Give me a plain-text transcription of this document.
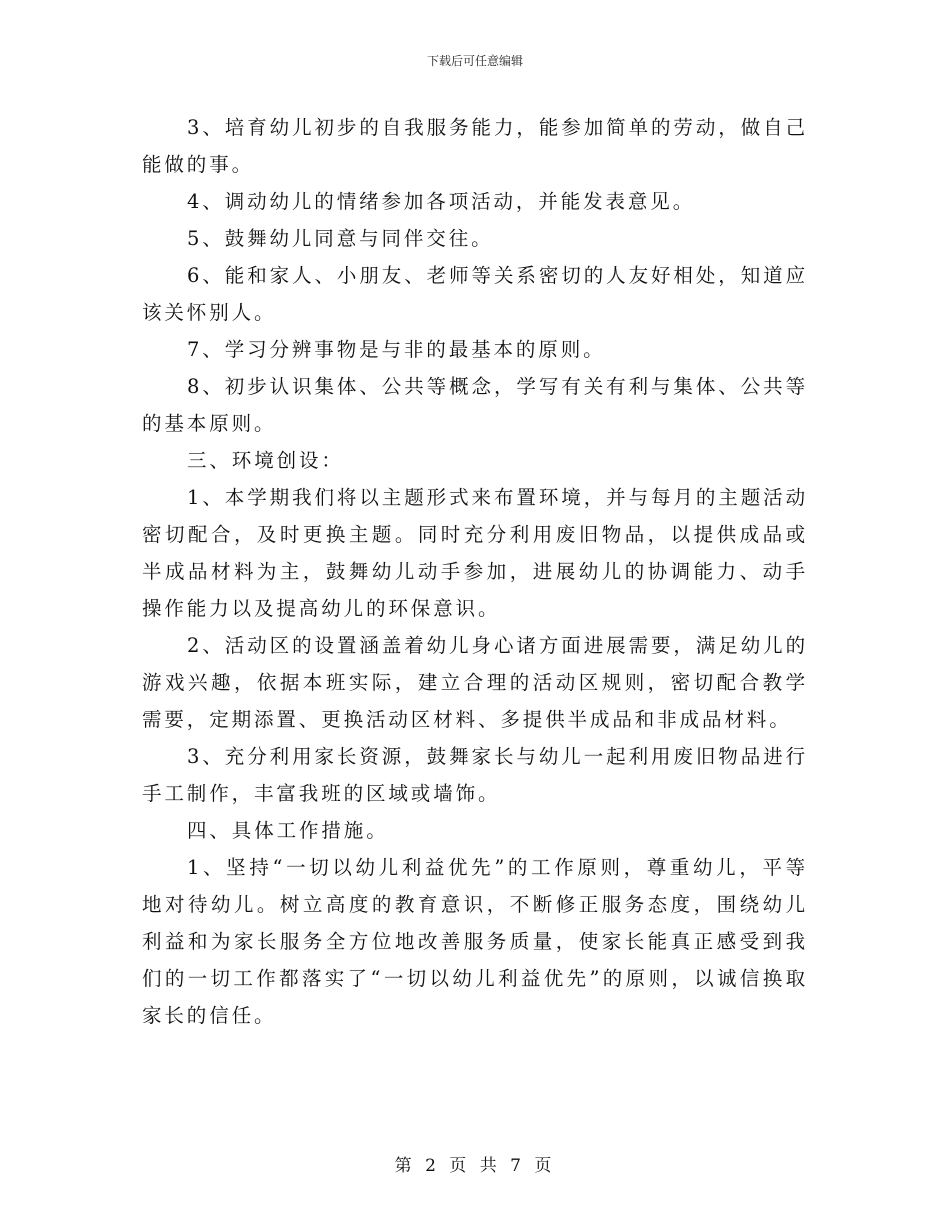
下载后可任意编辑

3、培育幼儿初步的自我服务能力，能参加简单的劳动，做自己能做的事。

4、调动幼儿的情绪参加各项活动，并能发表意见。

5、鼓舞幼儿同意与同伴交往。

6、能和家人、小朋友、老师等关系密切的人友好相处，知道应该关怀别人。

7、学习分辨事物是与非的最基本的原则。

8、初步认识集体、公共等概念，学写有关有利与集体、公共等的基本原则。

三、环境创设：

1、本学期我们将以主题形式来布置环境，并与每月的主题活动密切配合，及时更换主题。同时充分利用废旧物品，以提供成品或半成品材料为主，鼓舞幼儿动手参加，进展幼儿的协调能力、动手操作能力以及提高幼儿的环保意识。

2、活动区的设置涵盖着幼儿身心诸方面进展需要，满足幼儿的游戏兴趣，依据本班实际，建立合理的活动区规则，密切配合教学需要，定期添置、更换活动区材料、多提供半成品和非成品材料。

3、充分利用家长资源，鼓舞家长与幼儿一起利用废旧物品进行手工制作，丰富我班的区域或墙饰。

四、具体工作措施。

1、坚持“一切以幼儿利益优先”的工作原则，尊重幼儿，平等地对待幼儿。树立高度的教育意识，不断修正服务态度，围绕幼儿利益和为家长服务全方位地改善服务质量，使家长能真正感受到我们的一切工作都落实了“一切以幼儿利益优先”的原则，以诚信换取家长的信任。

第 2 页 共 7 页
